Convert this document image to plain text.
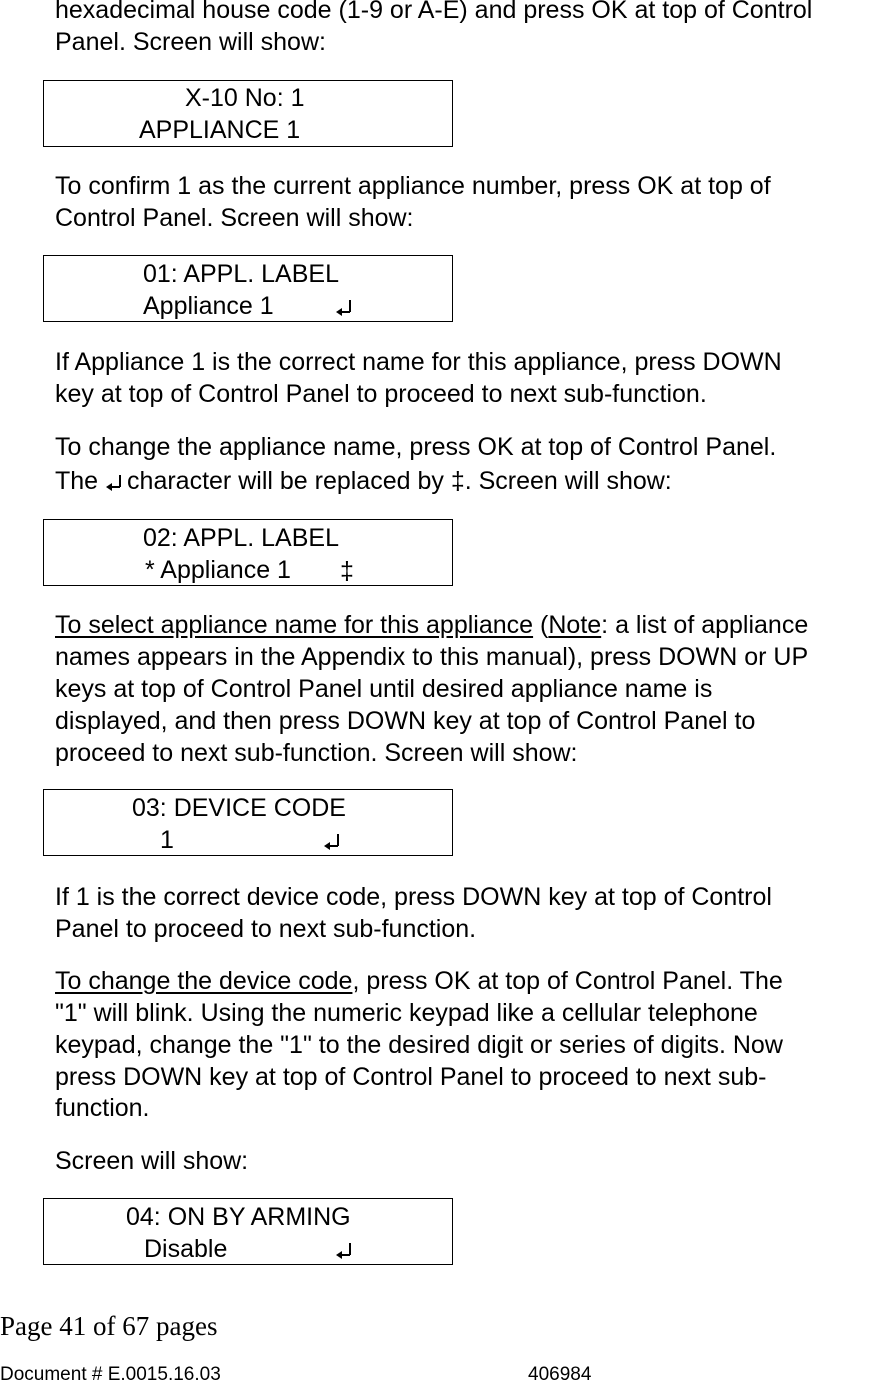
hexadecimal house code (1-9 or A-E) and press OK at top of Control
Panel. Screen will show:
X-10 No: 1
APPLIANCE 1
To confirm 1 as the current appliance number, press OK at top of
Control Panel. Screen will show:
01: APPL. LABEL
Appliance 1
If Appliance 1 is the correct name for this appliance, press DOWN
key at top of Control Panel to proceed to next sub-function.
To change the appliance name, press OK at top of Control Panel.
The character will be replaced by ‡. Screen will show:
02: APPL. LABEL
* Appliance 1 ‡
To select appliance name for this appliance (Note: a list of appliance
names appears in the Appendix to this manual), press DOWN or UP
keys at top of Control Panel until desired appliance name is
displayed, and then press DOWN key at top of Control Panel to
proceed to next sub-function. Screen will show:
03: DEVICE CODE
1
If 1 is the correct device code, press DOWN key at top of Control
Panel to proceed to next sub-function.
To change the device code, press OK at top of Control Panel. The
"1" will blink. Using the numeric keypad like a cellular telephone
keypad, change the "1" to the desired digit or series of digits. Now
press DOWN key at top of Control Panel to proceed to next sub-
function.
Screen will show:
04: ON BY ARMING
Disable
Page 41 of 67 pages
Document # E.0015.16.03	406984
